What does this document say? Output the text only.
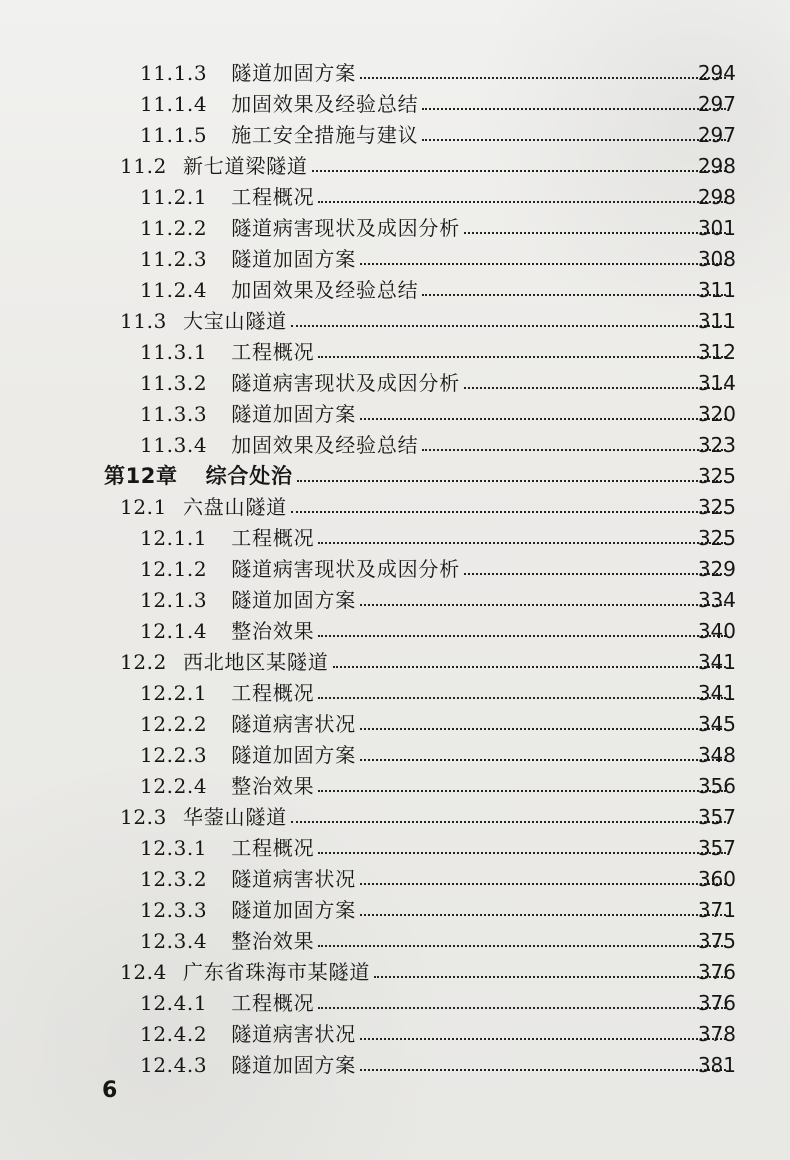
11.1.3 隧道加固方案	294
11.1.4 加固效果及经验总结	297
11.1.5 施工安全措施与建议	297
11.2 新七道梁隧道	298
11.2.1 工程概况	298
11.2.2 隧道病害现状及成因分析	301
11.2.3 隧道加固方案	308
11.2.4 加固效果及经验总结	311
11.3 大宝山隧道	311
11.3.1 工程概况	312
11.3.2 隧道病害现状及成因分析	314
11.3.3 隧道加固方案	320
11.3.4 加固效果及经验总结	323
第12章 综合处治	325
12.1 六盘山隧道	325
12.1.1 工程概况	325
12.1.2 隧道病害现状及成因分析	329
12.1.3 隧道加固方案	334
12.1.4 整治效果	340
12.2 西北地区某隧道	341
12.2.1 工程概况	341
12.2.2 隧道病害状况	345
12.2.3 隧道加固方案	348
12.2.4 整治效果	356
12.3 华蓥山隧道	357
12.3.1 工程概况	357
12.3.2 隧道病害状况	360
12.3.3 隧道加固方案	371
12.3.4 整治效果	375
12.4 广东省珠海市某隧道	376
12.4.1 工程概况	376
12.4.2 隧道病害状况	378
12.4.3 隧道加固方案	381
6
